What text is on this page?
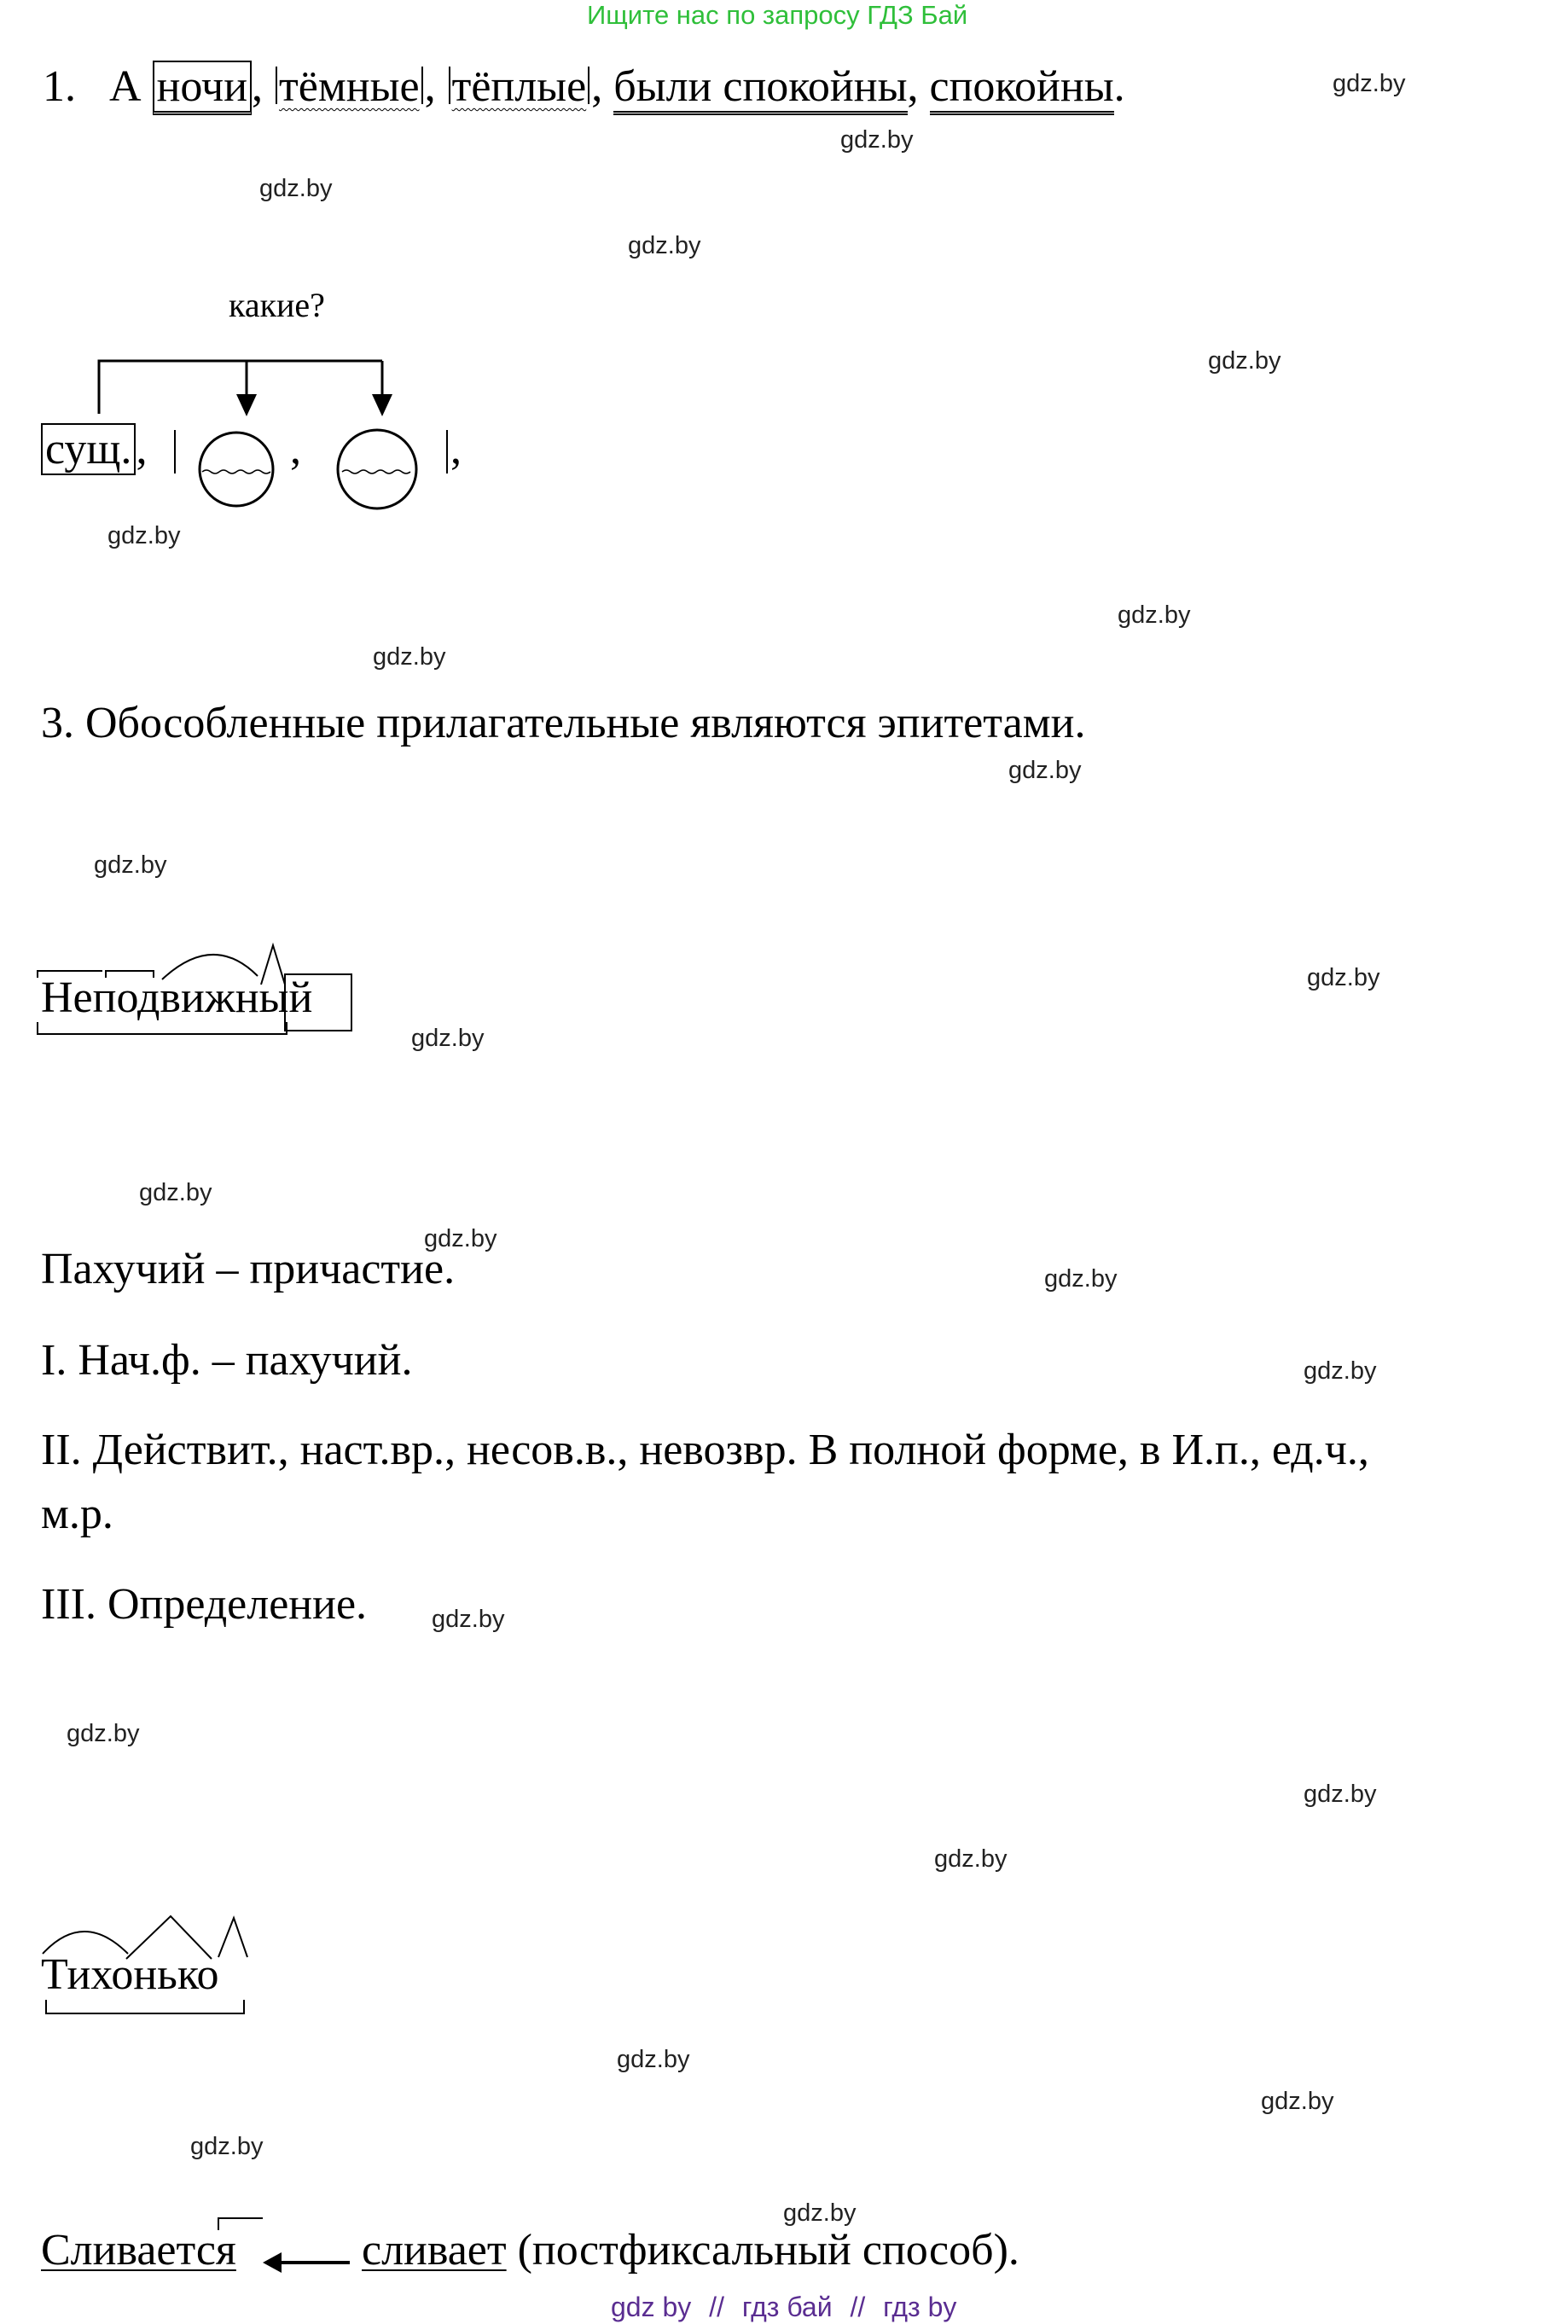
Ищите нас по запросу ГДЗ Бай
1. А ночи, тёмные , тёплые , были спокойны, спокойны.	gdz.by
gdz.by
gdz.by
gdz.by
gdz.by
gdz.by
gdz.by
gdz.by
gdz.by
gdz.by
gdz.by
gdz.by
gdz.by
gdz.by
gdz.by
gdz.by
gdz.by
gdz.by
gdz.by
gdz.by
gdz.by
gdz.by
gdz.by
gdz.by
какие?
сущ.,	,	,
3. Обособленные прилагательные являются эпитетами.
Неподвижный
Пахучий – причастие.
I. Нач.ф. – пахучий.
II. Действит., наст.вр., несов.в., невозвр. В полной форме, в И.п., ед.ч.,
м.р.
III. Определение.
Тихонько
Сливается	сливает (постфиксальный способ).
gdz by // гдз бай // гдз by
